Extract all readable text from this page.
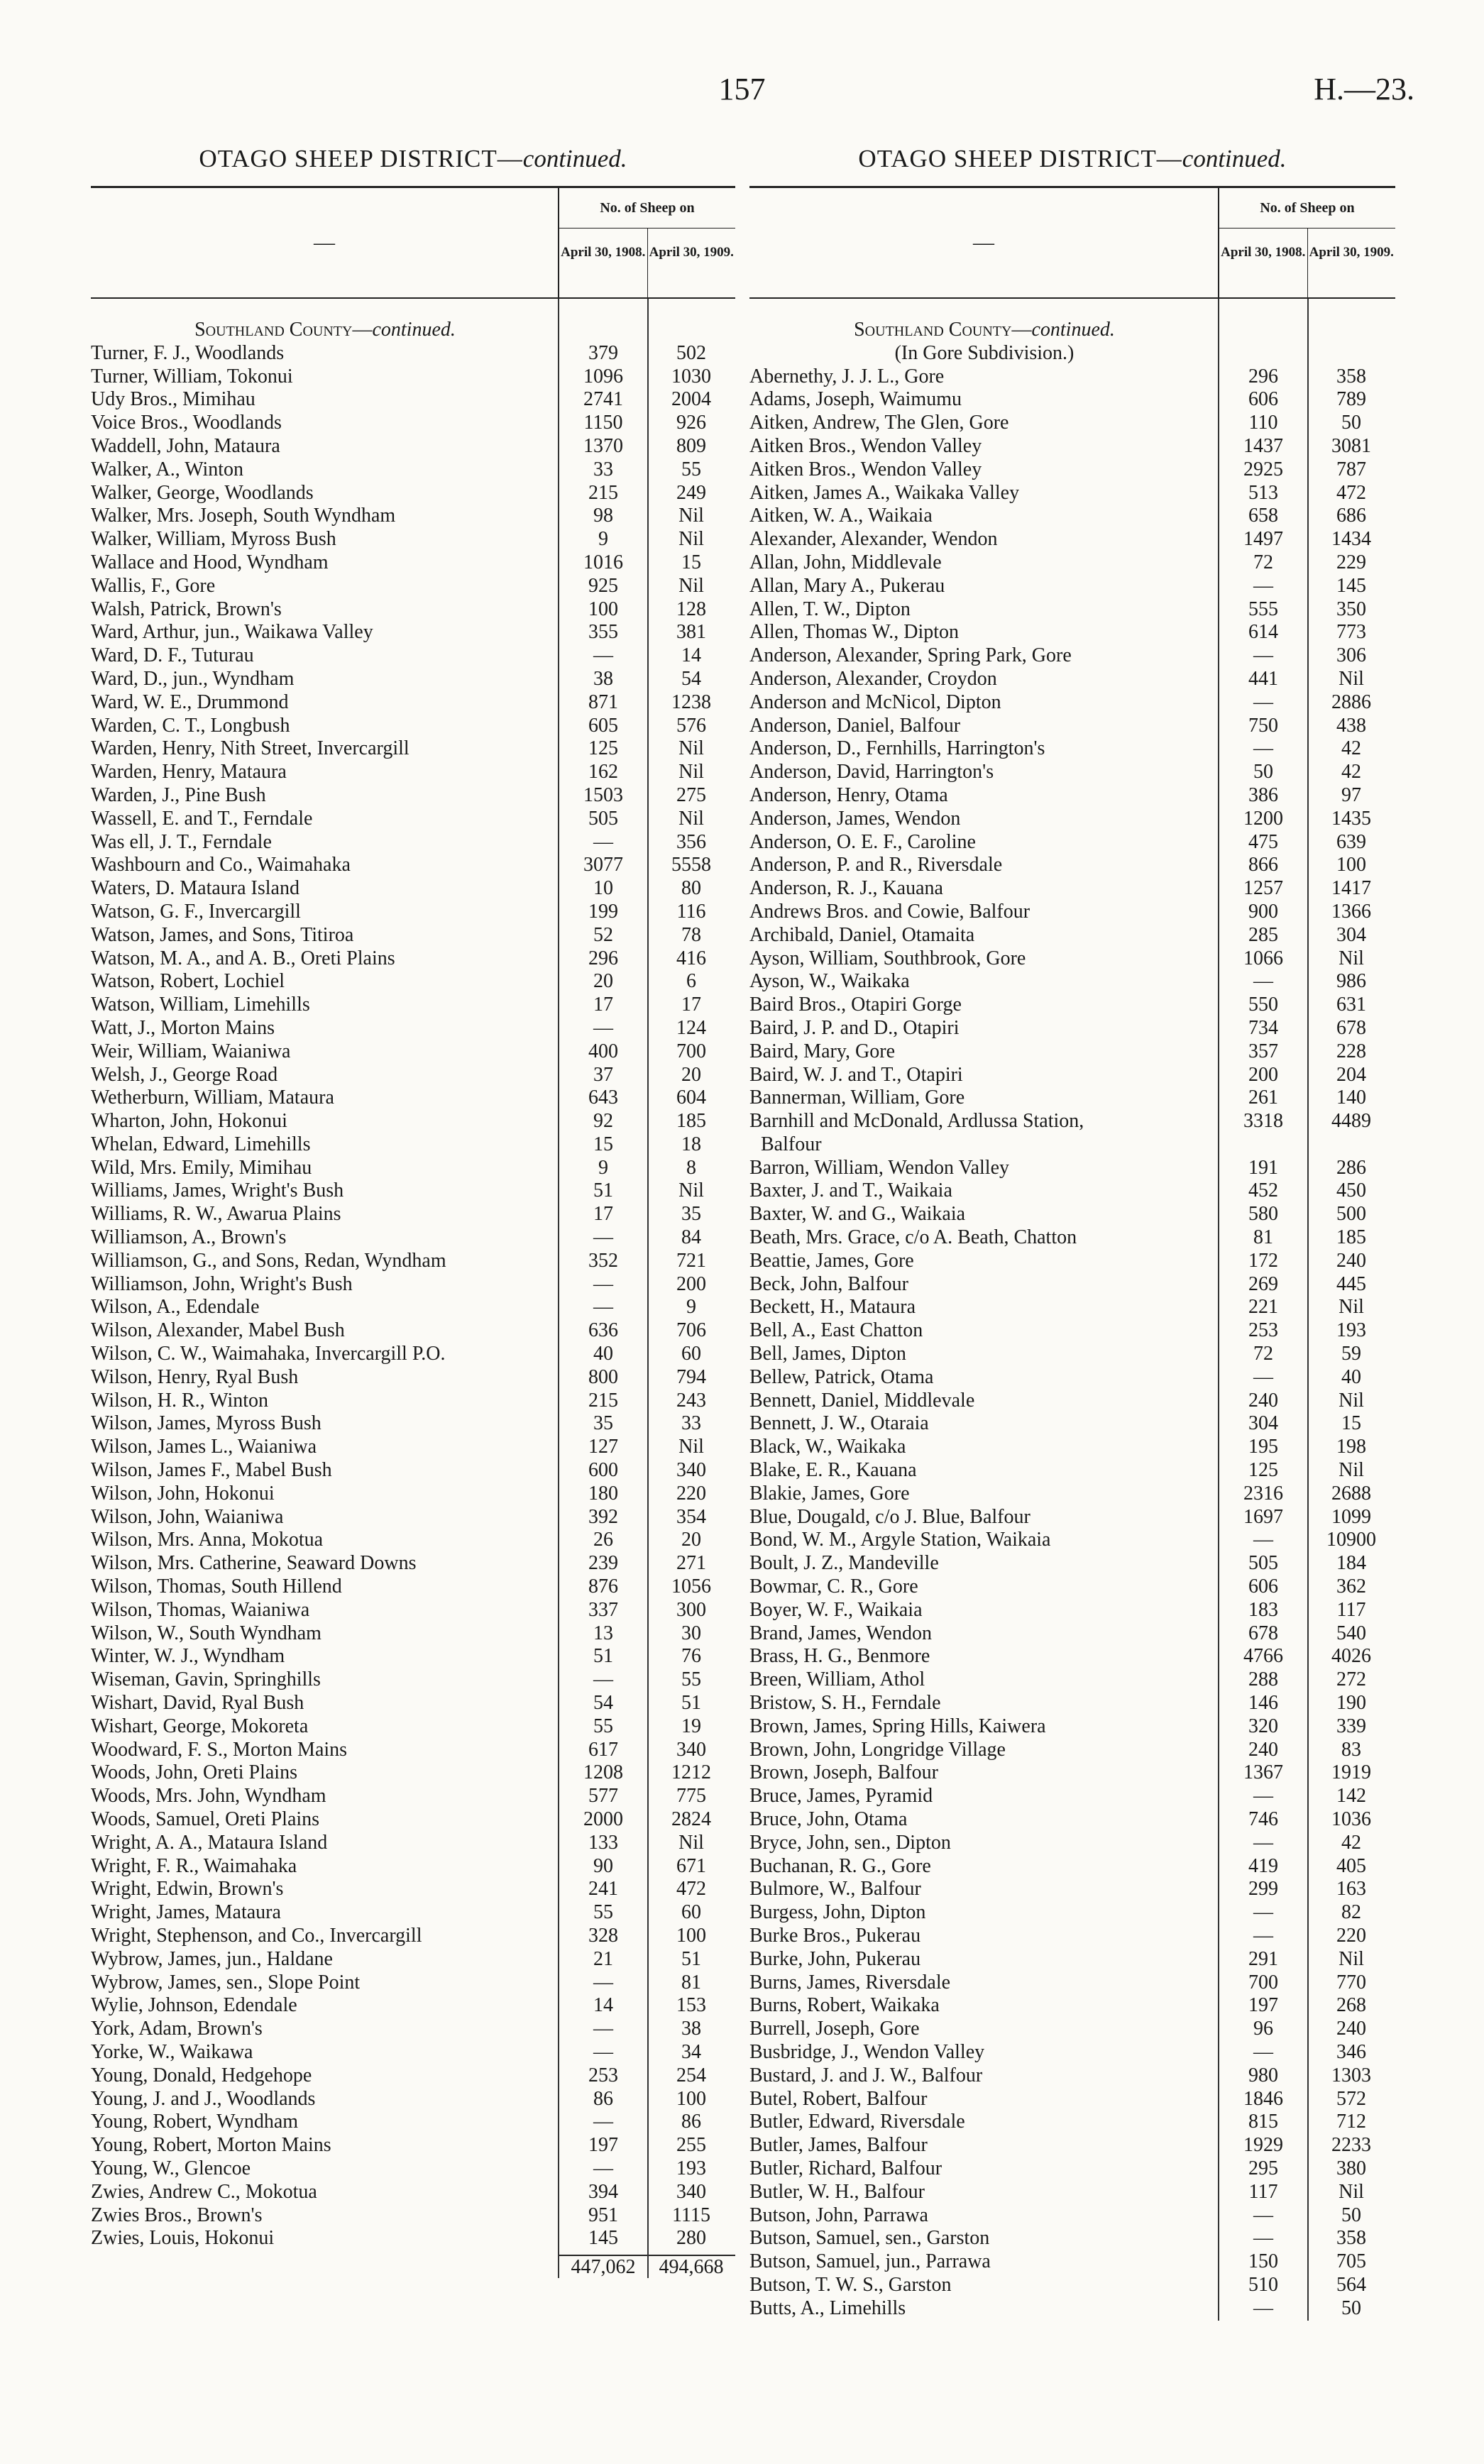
157	H.—23.
OTAGO SHEEP DISTRICT—continued.
—
No. of Sheep on
April 30, 1908. April 30, 1909.
Southland County—continued.
Turner, F. J., Woodlands	379	502
Turner, William, Tokonui	1096	1030
Udy Bros., Mimihau	2741	2004
Voice Bros., Woodlands	1150	926
Waddell, John, Mataura	1370	809
Walker, A., Winton	33	55
Walker, George, Woodlands	215	249
Walker, Mrs. Joseph, South Wyndham	98	Nil
Walker, William, Myross Bush	9	Nil
Wallace and Hood, Wyndham	1016	15
Wallis, F., Gore	925	Nil
Walsh, Patrick, Brown's	100	128
Ward, Arthur, jun., Waikawa Valley	355	381
Ward, D. F., Tuturau	—	14
Ward, D., jun., Wyndham	38	54
Ward, W. E., Drummond	871	1238
Warden, C. T., Longbush	605	576
Warden, Henry, Nith Street, Invercargill	125	Nil
Warden, Henry, Mataura	162	Nil
Warden, J., Pine Bush	1503	275
Wassell, E. and T., Ferndale	505	Nil
Was ell, J. T., Ferndale	—	356
Washbourn and Co., Waimahaka	3077	5558
Waters, D. Mataura Island	10	80
Watson, G. F., Invercargill	199	116
Watson, James, and Sons, Titiroa	52	78
Watson, M. A., and A. B., Oreti Plains	296	416
Watson, Robert, Lochiel	20	6
Watson, William, Limehills	17	17
Watt, J., Morton Mains	—	124
Weir, William, Waianiwa	400	700
Welsh, J., George Road	37	20
Wetherburn, William, Mataura	643	604
Wharton, John, Hokonui	92	185
Whelan, Edward, Limehills	15	18
Wild, Mrs. Emily, Mimihau	9	8
Williams, James, Wright's Bush	51	Nil
Williams, R. W., Awarua Plains	17	35
Williamson, A., Brown's	—	84
Williamson, G., and Sons, Redan, Wyndham	352	721
Williamson, John, Wright's Bush	—	200
Wilson, A., Edendale	—	9
Wilson, Alexander, Mabel Bush	636	706
Wilson, C. W., Waimahaka, Invercargill P.O.	40	60
Wilson, Henry, Ryal Bush	800	794
Wilson, H. R., Winton	215	243
Wilson, James, Myross Bush	35	33
Wilson, James L., Waianiwa	127	Nil
Wilson, James F., Mabel Bush	600	340
Wilson, John, Hokonui	180	220
Wilson, John, Waianiwa	392	354
Wilson, Mrs. Anna, Mokotua	26	20
Wilson, Mrs. Catherine, Seaward Downs	239	271
Wilson, Thomas, South Hillend	876	1056
Wilson, Thomas, Waianiwa	337	300
Wilson, W., South Wyndham	13	30
Winter, W. J., Wyndham	51	76
Wiseman, Gavin, Springhills	—	55
Wishart, David, Ryal Bush	54	51
Wishart, George, Mokoreta	55	19
Woodward, F. S., Morton Mains	617	340
Woods, John, Oreti Plains	1208	1212
Woods, Mrs. John, Wyndham	577	775
Woods, Samuel, Oreti Plains	2000	2824
Wright, A. A., Mataura Island	133	Nil
Wright, F. R., Waimahaka	90	671
Wright, Edwin, Brown's	241	472
Wright, James, Mataura	55	60
Wright, Stephenson, and Co., Invercargill	328	100
Wybrow, James, jun., Haldane	21	51
Wybrow, James, sen., Slope Point	—	81
Wylie, Johnson, Edendale	14	153
York, Adam, Brown's	—	38
Yorke, W., Waikawa	—	34
Young, Donald, Hedgehope	253	254
Young, J. and J., Woodlands	86	100
Young, Robert, Wyndham	—	86
Young, Robert, Morton Mains	197	255
Young, W., Glencoe	—	193
Zwies, Andrew C., Mokotua	394	340
Zwies Bros., Brown's	951	1115
Zwies, Louis, Hokonui	145	280
447,062	494,668
OTAGO SHEEP DISTRICT—continued.
—
No. of Sheep on
April 30, 1908. April 30, 1909.
Southland County—continued.
(In Gore Subdivision.)
Abernethy, J. J. L., Gore	296	358
Adams, Joseph, Waimumu	606	789
Aitken, Andrew, The Glen, Gore	110	50
Aitken Bros., Wendon Valley	1437	3081
Aitken Bros., Wendon Valley	2925	787
Aitken, James A., Waikaka Valley	513	472
Aitken, W. A., Waikaia	658	686
Alexander, Alexander, Wendon	1497	1434
Allan, John, Middlevale	72	229
Allan, Mary A., Pukerau	—	145
Allen, T. W., Dipton	555	350
Allen, Thomas W., Dipton	614	773
Anderson, Alexander, Spring Park, Gore	—	306
Anderson, Alexander, Croydon	441	Nil
Anderson and McNicol, Dipton	—	2886
Anderson, Daniel, Balfour	750	438
Anderson, D., Fernhills, Harrington's	—	42
Anderson, David, Harrington's	50	42
Anderson, Henry, Otama	386	97
Anderson, James, Wendon	1200	1435
Anderson, O. E. F., Caroline	475	639
Anderson, P. and R., Riversdale	866	100
Anderson, R. J., Kauana	1257	1417
Andrews Bros. and Cowie, Balfour	900	1366
Archibald, Daniel, Otamaita	285	304
Ayson, William, Southbrook, Gore	1066	Nil
Ayson, W., Waikaka	—	986
Baird Bros., Otapiri Gorge	550	631
Baird, J. P. and D., Otapiri	734	678
Baird, Mary, Gore	357	228
Baird, W. J. and T., Otapiri	200	204
Bannerman, William, Gore	261	140
Barnhill and McDonald, Ardlussa Station,	3318	4489
Balfour
Barron, William, Wendon Valley	191	286
Baxter, J. and T., Waikaia	452	450
Baxter, W. and G., Waikaia	580	500
Beath, Mrs. Grace, c/o A. Beath, Chatton	81	185
Beattie, James, Gore	172	240
Beck, John, Balfour	269	445
Beckett, H., Mataura	221	Nil
Bell, A., East Chatton	253	193
Bell, James, Dipton	72	59
Bellew, Patrick, Otama	—	40
Bennett, Daniel, Middlevale	240	Nil
Bennett, J. W., Otaraia	304	15
Black, W., Waikaka	195	198
Blake, E. R., Kauana	125	Nil
Blakie, James, Gore	2316	2688
Blue, Dougald, c/o J. Blue, Balfour	1697	1099
Bond, W. M., Argyle Station, Waikaia	—	10900
Boult, J. Z., Mandeville	505	184
Bowmar, C. R., Gore	606	362
Boyer, W. F., Waikaia	183	117
Brand, James, Wendon	678	540
Brass, H. G., Benmore	4766	4026
Breen, William, Athol	288	272
Bristow, S. H., Ferndale	146	190
Brown, James, Spring Hills, Kaiwera	320	339
Brown, John, Longridge Village	240	83
Brown, Joseph, Balfour	1367	1919
Bruce, James, Pyramid	—	142
Bruce, John, Otama	746	1036
Bryce, John, sen., Dipton	—	42
Buchanan, R. G., Gore	419	405
Bulmore, W., Balfour	299	163
Burgess, John, Dipton	—	82
Burke Bros., Pukerau	—	220
Burke, John, Pukerau	291	Nil
Burns, James, Riversdale	700	770
Burns, Robert, Waikaka	197	268
Burrell, Joseph, Gore	96	240
Busbridge, J., Wendon Valley	—	346
Bustard, J. and J. W., Balfour	980	1303
Butel, Robert, Balfour	1846	572
Butler, Edward, Riversdale	815	712
Butler, James, Balfour	1929	2233
Butler, Richard, Balfour	295	380
Butler, W. H., Balfour	117	Nil
Butson, John, Parrawa	—	50
Butson, Samuel, sen., Garston	—	358
Butson, Samuel, jun., Parrawa	150	705
Butson, T. W. S., Garston	510	564
Butts, A., Limehills	—	50
